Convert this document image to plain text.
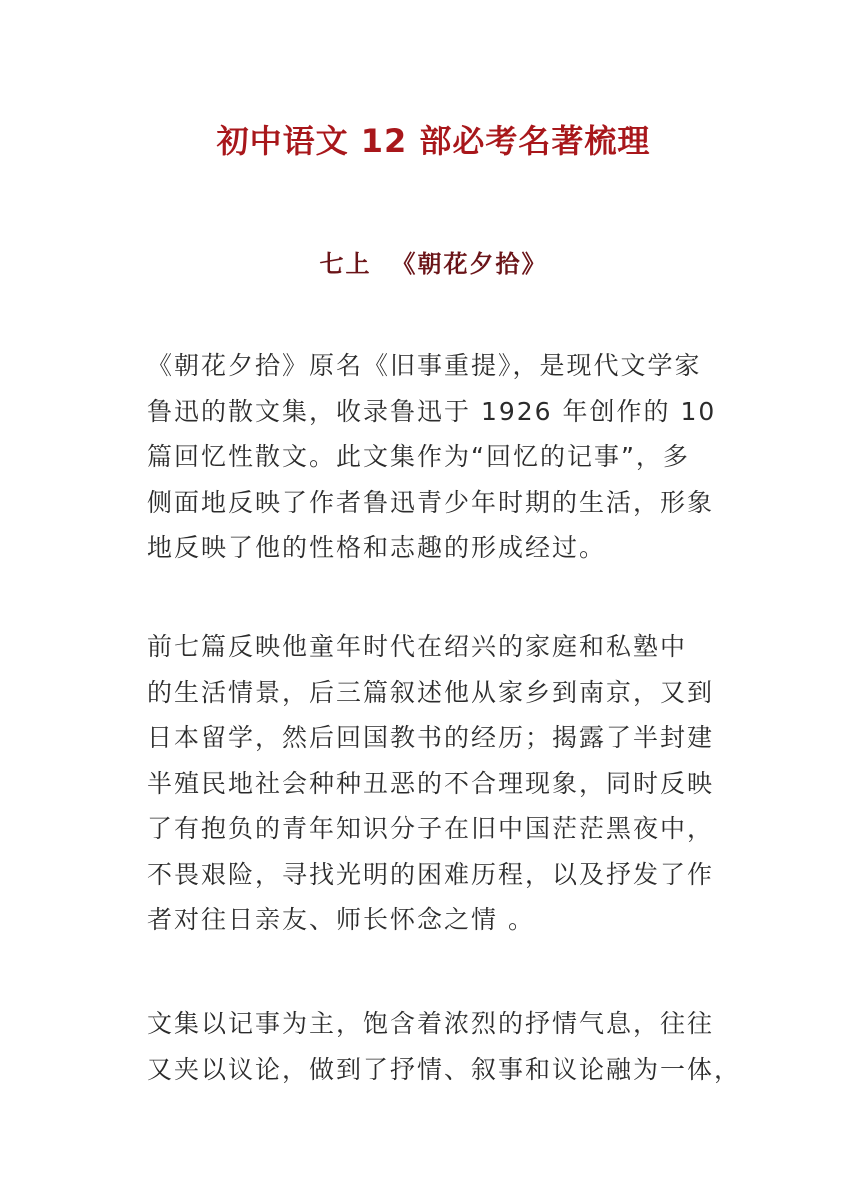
初中语文 12 部必考名著梳理
七上 《朝花夕拾》
《朝花夕拾》原名《旧事重提》，是现代文学家
鲁迅的散文集，收录鲁迅于 1926 年创作的 10
篇回忆性散文。此文集作为“回忆的记事”，多
侧面地反映了作者鲁迅青少年时期的生活，形象
地反映了他的性格和志趣的形成经过。
前七篇反映他童年时代在绍兴的家庭和私塾中
的生活情景，后三篇叙述他从家乡到南京，又到
日本留学，然后回国教书的经历；揭露了半封建
半殖民地社会种种丑恶的不合理现象，同时反映
了有抱负的青年知识分子在旧中国茫茫黑夜中，
不畏艰险，寻找光明的困难历程，以及抒发了作
者对往日亲友、师长怀念之情 。
文集以记事为主，饱含着浓烈的抒情气息，往往
又夹以议论，做到了抒情、叙事和议论融为一体，
